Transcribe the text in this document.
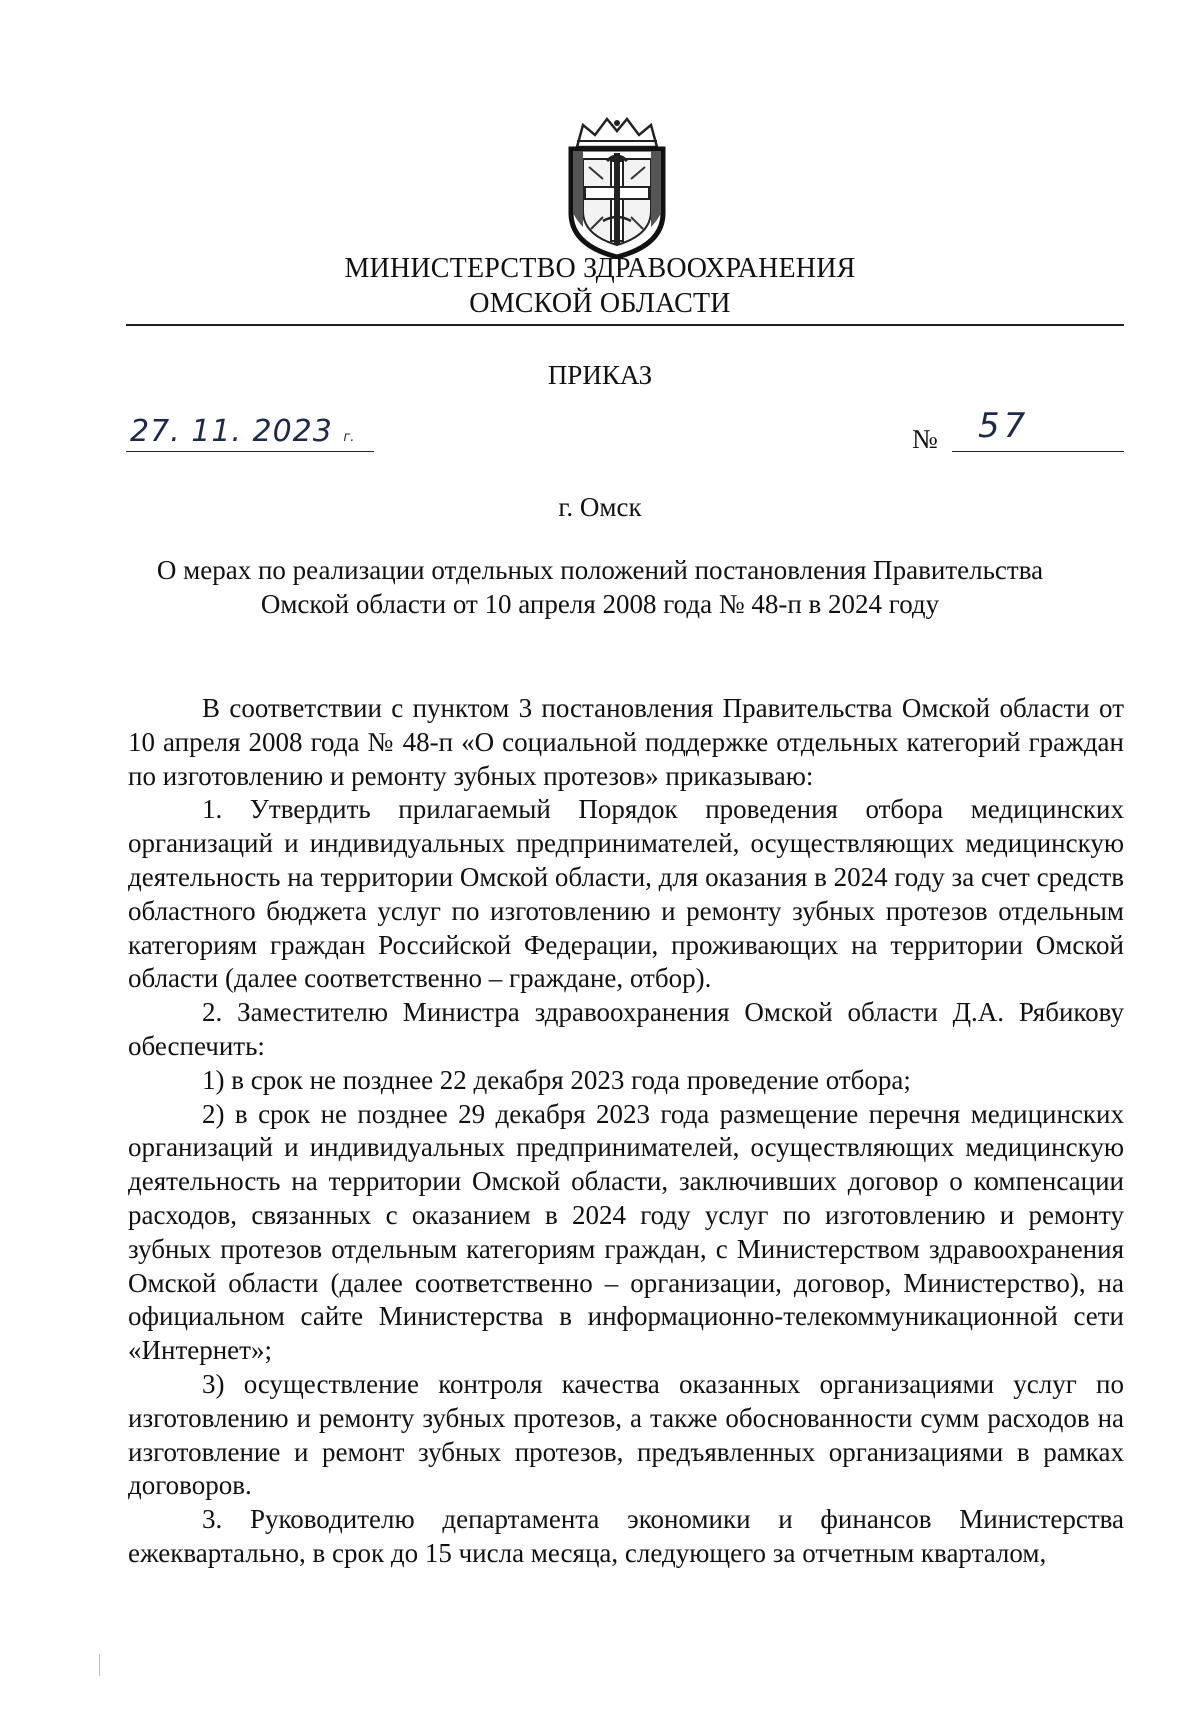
МИНИСТЕРСТВО ЗДРАВООХРАНЕНИЯ
ОМСКОЙ ОБЛАСТИ
ПРИКАЗ
27. 11. 2023 г.	№ 57
г. Омск
О мерах по реализации отдельных положений постановления Правительства
Омской области от 10 апреля 2008 года № 48-п в 2024 году

В соответствии с пунктом 3 постановления Правительства Омской области от 10 апреля 2008 года № 48-п «О социальной поддержке отдельных категорий граждан по изготовлению и ремонту зубных протезов» приказываю:

1. Утвердить прилагаемый Порядок проведения отбора медицинских организаций и индивидуальных предпринимателей, осуществляющих медицинскую деятельность на территории Омской области, для оказания в 2024 году за счет средств областного бюджета услуг по изготовлению и ремонту зубных протезов отдельным категориям граждан Российской Федерации, проживающих на территории Омской области (далее соответственно – граждане, отбор).

2. Заместителю Министра здравоохранения Омской области Д.А. Рябикову обеспечить:

1) в срок не позднее 22 декабря 2023 года проведение отбора;

2) в срок не позднее 29 декабря 2023 года размещение перечня медицинских организаций и индивидуальных предпринимателей, осуществляющих медицинскую деятельность на территории Омской области, заключивших договор о компенсации расходов, связанных с оказанием в 2024 году услуг по изготовлению и ремонту зубных протезов отдельным категориям граждан, с Министерством здравоохранения Омской области (далее соответственно – организации, договор, Министерство), на официальном сайте Министерства в информационно-телекоммуникационной сети «Интернет»;

3) осуществление контроля качества оказанных организациями услуг по изготовлению и ремонту зубных протезов, а также обоснованности сумм расходов на изготовление и ремонт зубных протезов, предъявленных организациями в рамках договоров.

3. Руководителю департамента экономики и финансов Министерства ежеквартально, в срок до 15 числа месяца, следующего за отчетным кварталом,
